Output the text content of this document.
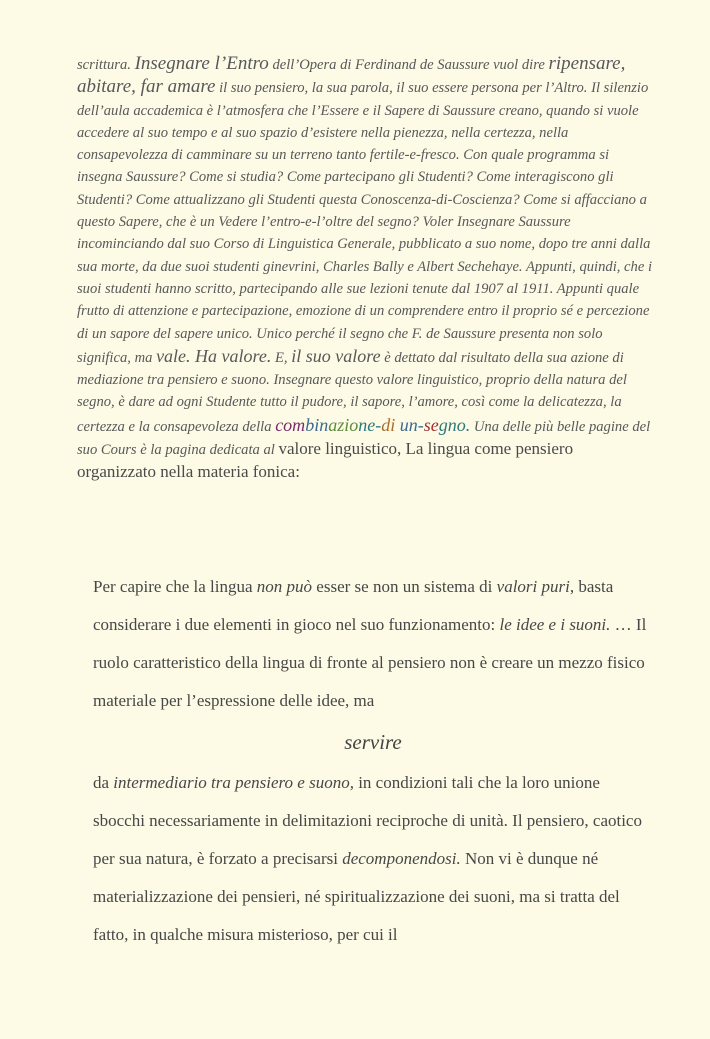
scrittura. Insegnare l’Entro dell’Opera di Ferdinand de Saussure vuol dire ripensare, abitare, far amare il suo pensiero, la sua parola, il suo essere persona per l’Altro. Il silenzio dell’aula accademica è l’atmosfera che l’Essere e il Sapere di Saussure creano, quando si vuole accedere al suo tempo e al suo spazio d’esistere nella pienezza, nella certezza, nella consapevolezza di camminare su un terreno tanto fertile-e-fresco. Con quale programma si insegna Saussure? Come si studia? Come partecipano gli Studenti? Come interagiscono gli Studenti? Come attualizzano gli Studenti questa Conoscenza-di-Coscienza? Come si affacciano a questo Sapere, che è un Vedere l’entro-e-l’oltre del segno? Voler Insegnare Saussure incominciando dal suo Corso di Linguistica Generale, pubblicato a suo nome, dopo tre anni dalla sua morte, da due suoi studenti ginevrini, Charles Bally e Albert Sechehaye. Appunti, quindi, che i suoi studenti hanno scritto, partecipando alle sue lezioni tenute dal 1907 al 1911. Appunti quale frutto di attenzione e partecipazione, emozione di un comprendere entro il proprio sé e percezione di un sapore del sapere unico. Unico perché il segno che F. de Saussure presenta non solo significa, ma vale. Ha valore. E, il suo valore è dettato dal risultato della sua azione di mediazione tra pensiero e suono. Insegnare questo valore linguistico, proprio della natura del segno, è dare ad ogni Studente tutto il pudore, il sapore, l’amore, così come la delicatezza, la certezza e la consapevoleza della combinazione-di un-segno. Una delle più belle pagine del suo Cours è la pagina dedicata al valore linguistico, La lingua come pensiero organizzato nella materia fonica:
Per capire che la lingua non può esser se non un sistema di valori puri, basta considerare i due elementi in gioco nel suo funzionamento: le idee e i suoni. … Il ruolo caratteristico della lingua di fronte al pensiero non è creare un mezzo fisico materiale per l’espressione delle idee, ma
servire
da intermediario tra pensiero e suono, in condizioni tali che la loro unione sbocchi necessariamente in delimitazioni reciproche di unità. Il pensiero, caotico per sua natura, è forzato a precisarsi decomponendosi. Non vi è dunque né materializzazione dei pensieri, né spiritualizzazione dei suoni, ma si tratta del fatto, in qualche misura misterioso, per cui il
